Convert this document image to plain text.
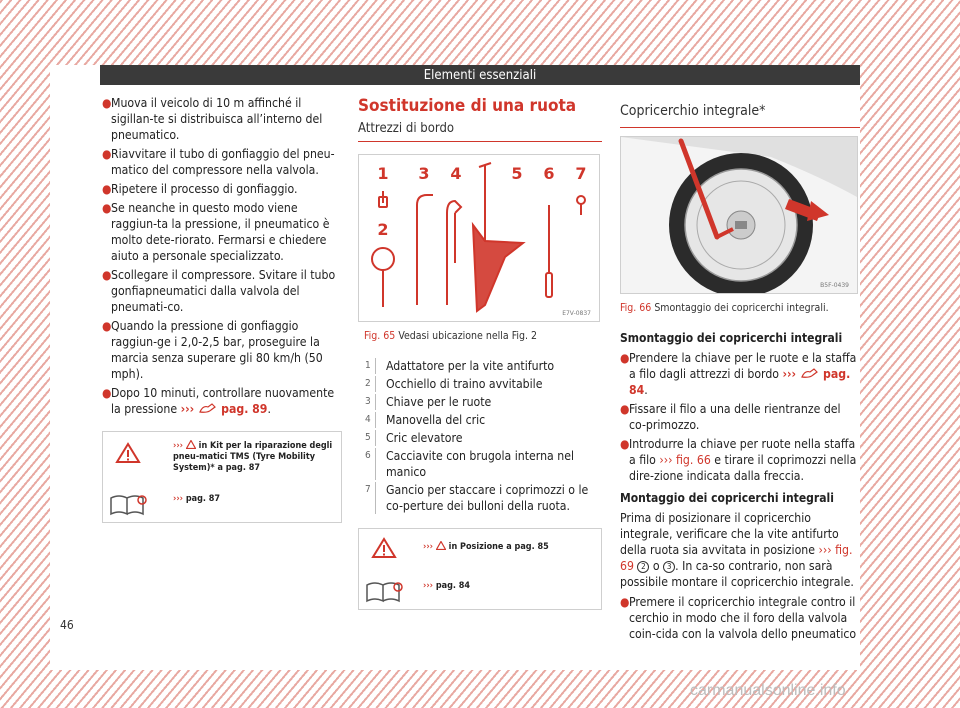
Elementi essenziali
● Muova il veicolo di 10 m affinché il sigillan-te si distribuisca all’interno del pneumatico.
● Riavvitare il tubo di gonfiaggio del pneu-matico del compressore nella valvola.
● Ripetere il processo di gonfiaggio.
● Se neanche in questo modo viene raggiun-ta la pressione, il pneumatico è molto dete-riorato. Fermarsi e chiedere aiuto a personale specializzato.
● Scollegare il compressore. Svitare il tubo gonfiapneumatici dalla valvola del pneumati-co.
● Quando la pressione di gonfiaggio raggiun-ge i 2,0-2,5 bar, proseguire la marcia senza superare gli 80 km/h (50 mph).
● Dopo 10 minuti, controllare nuovamente la pressione ››› pag. 89.
››› in Kit per la riparazione degli pneu-matici TMS (Tyre Mobility System)* a pag. 87
››› pag. 87
Sostituzione di una ruota
Attrezzi di bordo
1
2
3 4	5 6 7
E7V-0837
Fig. 65 Vedasi ubicazione nella Fig. 2
1	Adattatore per la vite antifurto
2	Occhiello di traino avvitabile
3	Chiave per le ruote
4	Manovella del cric
5	Cric elevatore
6	Cacciavite con brugola interna nel manico
7	Gancio per staccare i coprimozzi o le co-perture dei bulloni della ruota.
››› in Posizione a pag. 85
››› pag. 84
Copricerchio integrale*
B5F-0439
Fig. 66 Smontaggio dei copricerchi integrali.
Smontaggio dei copricerchi integrali
● Prendere la chiave per le ruote e la staffa a filo dagli attrezzi di bordo ››› pag. 84.
● Fissare il filo a una delle rientranze del co-primozzo.
● Introdurre la chiave per ruote nella staffa a filo ››› fig. 66 e tirare il coprimozzi nella dire-zione indicata dalla freccia.
Montaggio dei copricerchi integrali
Prima di posizionare il copricerchio integrale, verificare che la vite antifurto della ruota sia avvitata in posizione ››› fig. 69 2 o 3 . In ca-so contrario, non sarà possibile montare il copricerchio integrale.
● Premere il copricerchio integrale contro il cerchio in modo che il foro della valvola coin-cida con la valvola dello pneumatico
46
carmanualsonline.info
